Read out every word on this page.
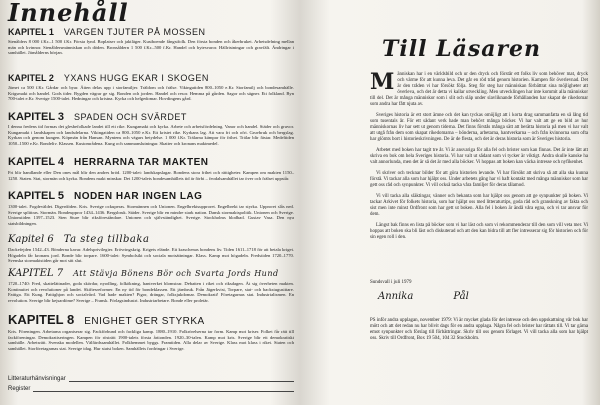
Innehåll
KAPITEL 1 VARGEN TJUTER PÅ MOSSEN
Stenålders 8 000 f.Kr.–1 500 f.Kr. Första fynd. Boplatser och jaktläger. Kustboende fångstfolk. Den första bonden och åkerbruket. Arbetsdelning mellan män och kvinnor. Stenåldersmänniskan och döden. Bronsåldern 1 500 f.Kr.–500 f.Kr. Handel och bytesvaror. Hällristningar och gravfält. Ändringar i samhället. Järnålderns början.
KAPITEL 2 YXANS HUGG EKAR I SKOGEN
Järnet ca 500 f.Kr. Gårdar och byar. Ätten delas upp i storfamiljer. Träldom och frälse. Vikingatiden 800–1050 e.Kr. Storfamilj och bondesamhälle. Krigsmakt och handel. Gods tider. Bygden vägrar ge sig. Bonden och jorden. Handel och resor. Hemma på gården. Sagor och sägner. Ett folkland. Byn 700-talet e.Kr. Sverige 1500-talet. Hedningar och kristna. Kyrka och helgedomar. Hovdingens gård.
KAPITEL 3 SPADEN OCH SVÄRDET
I denna fredens tid formas det glesbefolkade landet till ett rike. Kungamakt och kyrka. Arbete och arbetsfördelning. Vanor och handel. Städer och gruvor. Kungamakt i landskapen och landsdelarna. Vikingatiden ca 800–1050 e.Kr. Ett kristet rike. Kyrkans lag. Att vara fri och ofri. Gruvbruk och bergslag. Kyrkan och genom kungen. Köpmän från Hansan. Myntens och vägars betydelse. 1 000 f.Kr. Trälarna kämpar för frihet. Trälar blir fästar. Medeltiden 1050–1500 e.Kr. Bondeliv. Klassen. Kustområdena. Kung och sammanslutningar. Skatter och kronans maktmedel.
KAPITEL 4 HERRARNA TAR MAKTEN
Fri blir handlande eller Den ones mål blir den andres bröd. 1200-talet: landskapslagar. Bondens stora frihet och rättigheter. Kampen om makten 1150–1250. Staten. Stat, stormän och kyrka. Bondens makt minskar. Det 1200-talets bondesamhällets tid är förbi – feodalsamhället tar över och frälset uppstår.
KAPITEL 5 NODEN HAR INGEN LAG
1300-talet. Fogdeväldet. Digerdöden. Kris. Sverige ockuperas. Stormännen och Unionen. Engelbrektsupproret. Engelbrekt tar styrka. Upproret slås ned. Sverige splittras. Stormän. Bondeuppror 1434–1436. Bergsbruk. Städer. Sverige blir en mindre stark nation. Dansk stormaktspolitik. Unionen och Sverige. Unionstiden 1397–1523. Sten Sture blir riksföreståndare. Unionen och självständighet. Sverige. Stockholms blodbad. Gustav Vasa. Den nya statsbildningen.
Kapitel 6 Ta steg tillbaka
Dackefejden 1542–43. Bönderna kavar. Adelsprivilegier. Erövringskrig. Krigets elände. Ett kraschenas bondens liv. Tiden 1611–1718 för att betala kriget. Högadeln får kronans jord. Bonde blir torpare. 1600-talet: Symbolsikt och sociala motsättningar. Klass. Kamp mot högadeln. Fredstiden 1720–1770. Svenska stormaktstiden går mot sitt slut.
KAPITEL 7 Att Stävja Bönens Bör och Svarta Jords Hund
1720–1740: Fred, skattelättnader, goda skördar, nyodling, folkökning, hantverket blomstrar. Debatten i riket och riksdagen. Åt sig överheten makten. Kontinuitet och revolutioner på landet. Skiftesreformer. En ny tid för bondeklassen. Ett järnbruk. Från Jägerkvist, Torpare, stat- och backstugusittare. Fattiga. Ett Kung. Fattighjon och socialvård. Vad hade makten? Pigor, drängar, folksjukdomar. Demokrati! Företagarnas stat. Industrialismen. En revolution. Sverige blir kejsardöme? Sverige – Fransk. Förlagsindustri. Industriarbetare. Bonde eller proletär.
KAPITEL 8 ENIGHET GER STYRKA
Kris. Föreningen. Arbetarna organiserar sig. Fackförbund och fackliga kamp. 1880–1910. Folkrörelserna tar form. Kamp mot kriser. Folket får rätt till fackföreningar. Demokratiseringen. Kampen för rösträtt 1900-talets första årtionden. 1920–30-talen. Kamp mot kris. Sverige blir ett demokratiskt samhälle. Arbetsrätt. Svenska modellen. Välfärdssamhället. Folkhemmet byggs. Framtiden. Alla delar av Sverige. Klass mot klass i riket. Staten och samhället. Storföretagarnas stat. Sverige idag. Hur statsi boken. Samhällets fordringar i Sverige.
Litteraturhänvisningar
Register
Till Läsaren

Människan har i en världsbild och ur den dryck och förstår ett folks liv som behöver mat, dryck och värme för att kunna leva. Det går en röd tråd genom historien. Kampen för överlevnad. Det är den tråden vi har försökt följa. Steg för steg har människan förbättrat sina möjligheter att överleva, och det är detta vi kallar utveckling. Men utvecklingen har inte kommit alla människor till del. Det är många människor som i slit och släp under slavliknande förhållanden har skapat de rikedomar som andra har fått njuta av.

Sveriges historia är ett stort ämne och det kan tyckas omöjligt att i korta drag sammanfatta en så lång tid som tusentals år. För ett sådant verk hade man behövt många böcker. Vi har valt att ge en bild av hur människornas liv har sett ut genom tiderna. Det finns förstås många sätt att berätta historia på men vi har valt att utgå från dem som skapat rikedomarna – bönderna, arbetarna, hantverkarna – och från kvinnorna som ofta har glömts bort i historieskrivningen. De är de flesta, och det är deras historia som är Sveriges historia.

Arbetet med boken har tagit tre år. Vi är ansvariga för alla fel och brister som kan finnas. Det är inte lätt att skriva en bok om hela Sveriges historia. Vi har valt ut sådant som vi tycker är viktigt. Andra skulle kanske ha valt annorlunda, men det är så det är med alla böcker. Vi hoppas att boken kan väcka intresse och nyfikenhet.

Vi skriver och tecknar bilder för att göra historien levande. Vi har försökt att skriva så att alla ska kunna förstå. Vi tackar alla som har hjälpt oss. Under arbetets gång har vi haft kontakt med många människor som har gett oss råd och synpunkter. Vi vill också tacka våra familjer för deras tålamod.

Vi vill tacka alla släktingar, vänner och bekanta som har hjälpt oss genom att ge synpunkter på boken. Vi tackar Arkivet för folkets historia, som har hjälpt oss med litteraturtips, goda råd och granskning av fakta och sist men inte minst Ordfront som har gett ut boken. Alla fel i boken är ändå våra egna, och vi tar ansvar för dem.

Längst bak finns en lista på böcker som vi har läst och som vi rekommenderar till den som vill veta mer. Vi hoppas att boken ska bli läst och diskuterad och att den kan bidra till att fler intresserar sig för historien och för sin egen roll i den.

Sundsvall i juli 1979
Annika	Pål

PS inför andra upplagan, november 1979: Vi är mycket glada för det intresse och den uppskattning vår bok har mött och att det redan nu har blivit dags för en andra upplaga. Några fel och brister har rättats till. Vi tar gärna emot synpunkter och förslag till förbättringar. Skriv till oss genom förlaget. Vi vill tacka alla som har hjälpt oss. Skriv till Ordfront, Box 19 504, 104 32 Stockholm.
